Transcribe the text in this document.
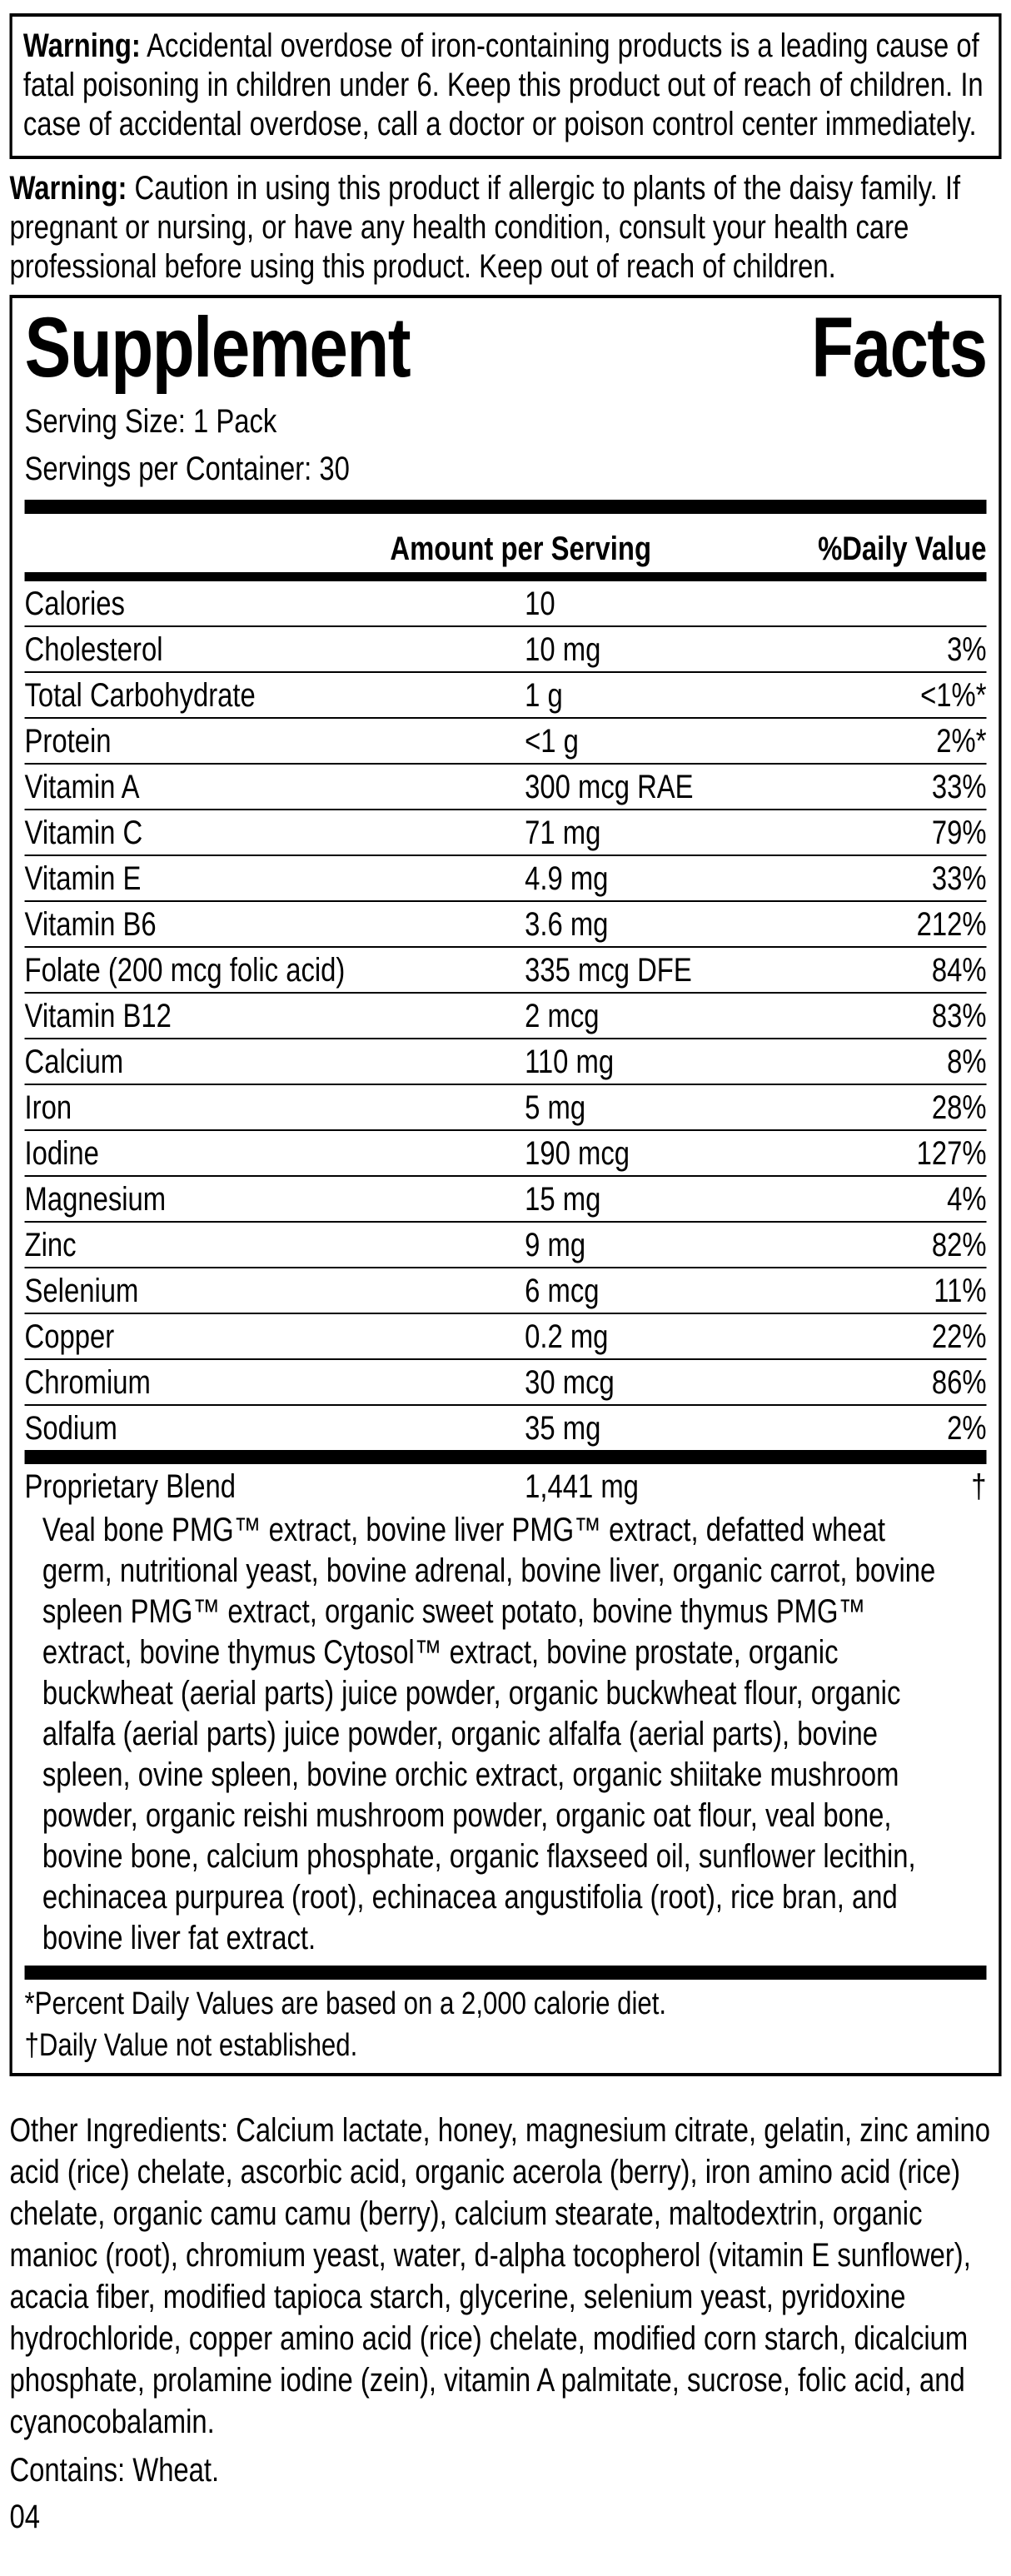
Warning: Accidental overdose of iron-containing products is a leading cause of fatal poisoning in children under 6. Keep this product out of reach of children. In case of accidental overdose, call a doctor or poison control center immediately.

Warning: Caution in using this product if allergic to plants of the daisy family. If pregnant or nursing, or have any health condition, consult your health care professional before using this product. Keep out of reach of children.

Supplement	Facts
Serving Size: 1 Pack
Servings per Container: 30
Amount per Serving	%Daily Value
Calories	10
Cholesterol	10 mg	3%
Total Carbohydrate	1 g	<1%*
Protein	<1 g	2%*
Vitamin A	300 mcg RAE	33%
Vitamin C	71 mg	79%
Vitamin E	4.9 mg	33%
Vitamin B6	3.6 mg	212%
Folate (200 mcg folic acid)	335 mcg DFE	84%
Vitamin B12	2 mcg	83%
Calcium	110 mg	8%
Iron	5 mg	28%
Iodine	190 mcg	127%
Magnesium	15 mg	4%
Zinc	9 mg	82%
Selenium	6 mcg	11%
Copper	0.2 mg	22%
Chromium	30 mcg	86%
Sodium	35 mg	2%
Proprietary Blend	1,441 mg	†

Veal bone PMG™ extract, bovine liver PMG™ extract, defatted wheat germ, nutritional yeast, bovine adrenal, bovine liver, organic carrot, bovine spleen PMG™ extract, organic sweet potato, bovine thymus PMG™ extract, bovine thymus Cytosol™ extract, bovine prostate, organic buckwheat (aerial parts) juice powder, organic buckwheat flour, organic alfalfa (aerial parts) juice powder, organic alfalfa (aerial parts), bovine spleen, ovine spleen, bovine orchic extract, organic shiitake mushroom powder, organic reishi mushroom powder, organic oat flour, veal bone, bovine bone, calcium phosphate, organic flaxseed oil, sunflower lecithin, echinacea purpurea (root), echinacea angustifolia (root), rice bran, and bovine liver fat extract.

*Percent Daily Values are based on a 2,000 calorie diet.
†Daily Value not established.

Other Ingredients: Calcium lactate, honey, magnesium citrate, gelatin, zinc amino acid (rice) chelate, ascorbic acid, organic acerola (berry), iron amino acid (rice) chelate, organic camu camu (berry), calcium stearate, maltodextrin, organic manioc (root), chromium yeast, water, d-alpha tocopherol (vitamin E sunflower), acacia fiber, modified tapioca starch, glycerine, selenium yeast, pyridoxine hydrochloride, copper amino acid (rice) chelate, modified corn starch, dicalcium phosphate, prolamine iodine (zein), vitamin A palmitate, sucrose, folic acid, and cyanocobalamin.

Contains: Wheat.

04
